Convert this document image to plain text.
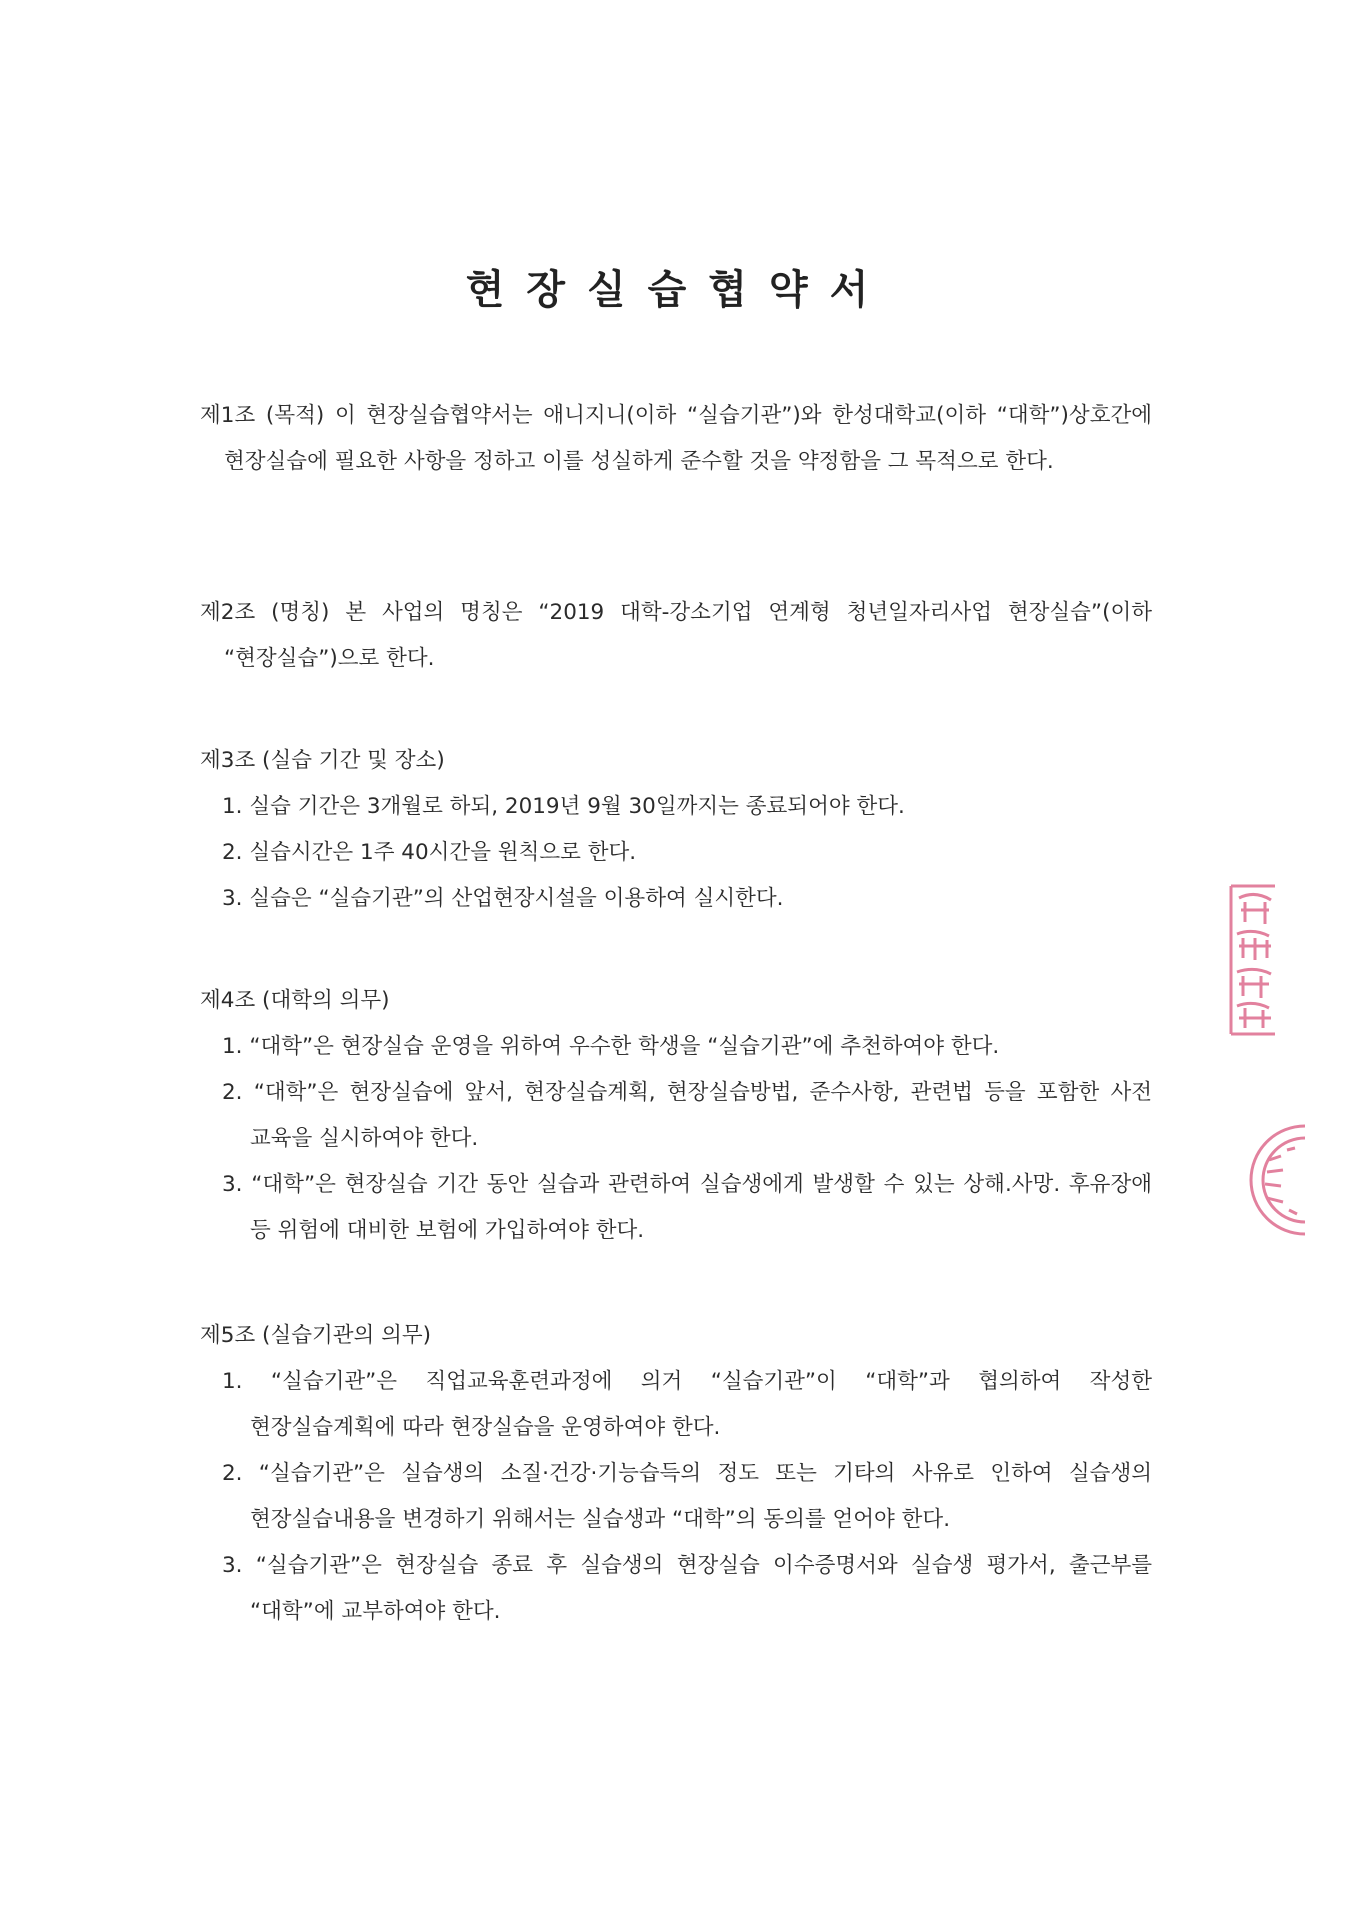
현장실습협약서
제1조 (목적) 이 현장실습협약서는 애니지니(이하 “실습기관”)와 한성대학교(이하 “대학”)상호간에 현장실습에 필요한 사항을 정하고 이를 성실하게 준수할 것을 약정함을 그 목적으로 한다.
제2조 (명칭) 본 사업의 명칭은 “2019 대학-강소기업 연계형 청년일자리사업 현장실습”(이하 “현장실습”)으로 한다.
제3조 (실습 기간 및 장소)
1. 실습 기간은 3개월로 하되, 2019년 9월 30일까지는 종료되어야 한다.
2. 실습시간은 1주 40시간을 원칙으로 한다.
3. 실습은 “실습기관”의 산업현장시설을 이용하여 실시한다.
제4조 (대학의 의무)
1. “대학”은 현장실습 운영을 위하여 우수한 학생을 “실습기관”에 추천하여야 한다.
2. “대학”은 현장실습에 앞서, 현장실습계획, 현장실습방법, 준수사항, 관련법 등을 포함한 사전 교육을 실시하여야 한다.
3. “대학”은 현장실습 기간 동안 실습과 관련하여 실습생에게 발생할 수 있는 상해.사망. 후유장애 등 위험에 대비한 보험에 가입하여야 한다.
제5조 (실습기관의 의무)
1. “실습기관”은 직업교육훈련과정에 의거 “실습기관”이 “대학”과 협의하여 작성한 현장실습계획에 따라 현장실습을 운영하여야 한다.
2. “실습기관”은 실습생의 소질·건강·기능습득의 정도 또는 기타의 사유로 인하여 실습생의 현장실습내용을 변경하기 위해서는 실습생과 “대학”의 동의를 얻어야 한다.
3. “실습기관”은 현장실습 종료 후 실습생의 현장실습 이수증명서와 실습생 평가서, 출근부를 “대학”에 교부하여야 한다.
